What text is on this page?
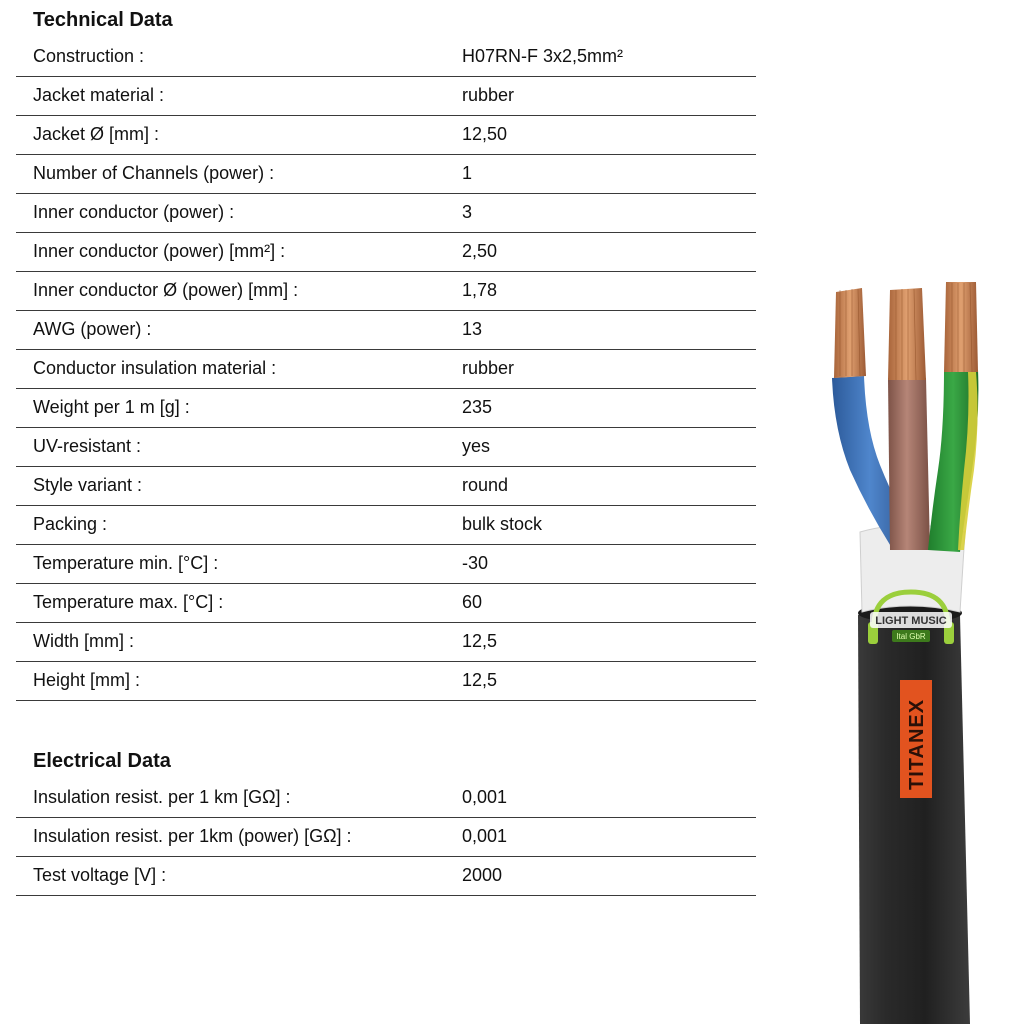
Technical Data
Construction :	H07RN-F 3x2,5mm²
Jacket material :	rubber
Jacket Ø [mm] :	12,50
Number of Channels (power) :	1
Inner conductor (power) :	3
Inner conductor (power) [mm²] :	2,50
Inner conductor Ø (power) [mm] :	1,78
AWG (power) :	13
Conductor insulation material :	rubber
Weight per 1 m [g] :	235
UV-resistant :	yes
Style variant :	round
Packing :	bulk stock
Temperature min. [°C] :	-30
Temperature max. [°C] :	60
Width [mm] :	12,5
Height [mm] :	12,5
Electrical Data
Insulation resist. per 1 km [GΩ] :	0,001
Insulation resist. per 1km (power) [GΩ] :	0,001
Test voltage [V] :	2000
TITANEX
LIGHT MUSIC
Ital GbR
